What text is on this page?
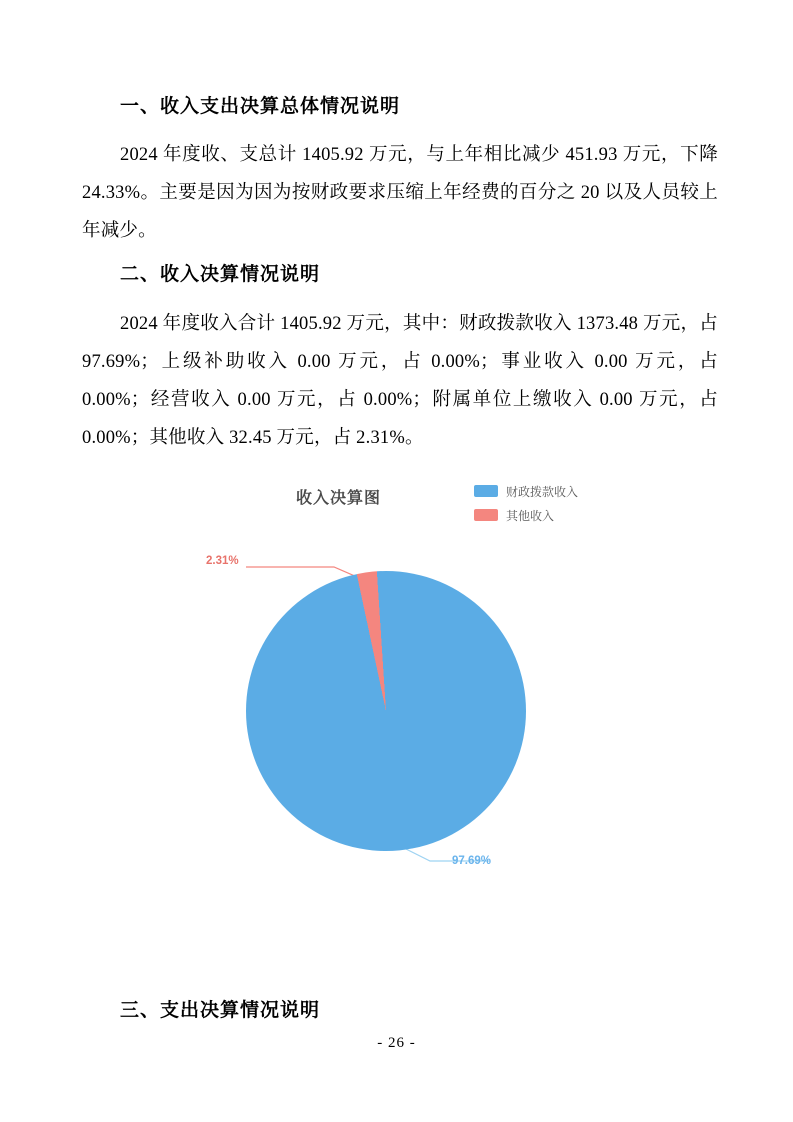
一、收入支出决算总体情况说明

2024 年度收、支总计 1405.92 万元，与上年相比减少 451.93 万元，下降 24.33%。主要是因为因为按财政要求压缩上年经费的百分之 20 以及人员较上年减少。

二、收入决算情况说明

2024 年度收入合计 1405.92 万元，其中：财政拨款收入 1373.48 万元，占 97.69%；上级补助收入 0.00 万元，占 0.00%；事业收入 0.00 万元，占 0.00%；经营收入 0.00 万元，占 0.00%；附属单位上缴收入 0.00 万元，占 0.00%；其他收入 32.45 万元，占 2.31%。

收入决算图	财政拨款收入
其他收入
2.31%
97.69%
三、支出决算情况说明
- 26 -
